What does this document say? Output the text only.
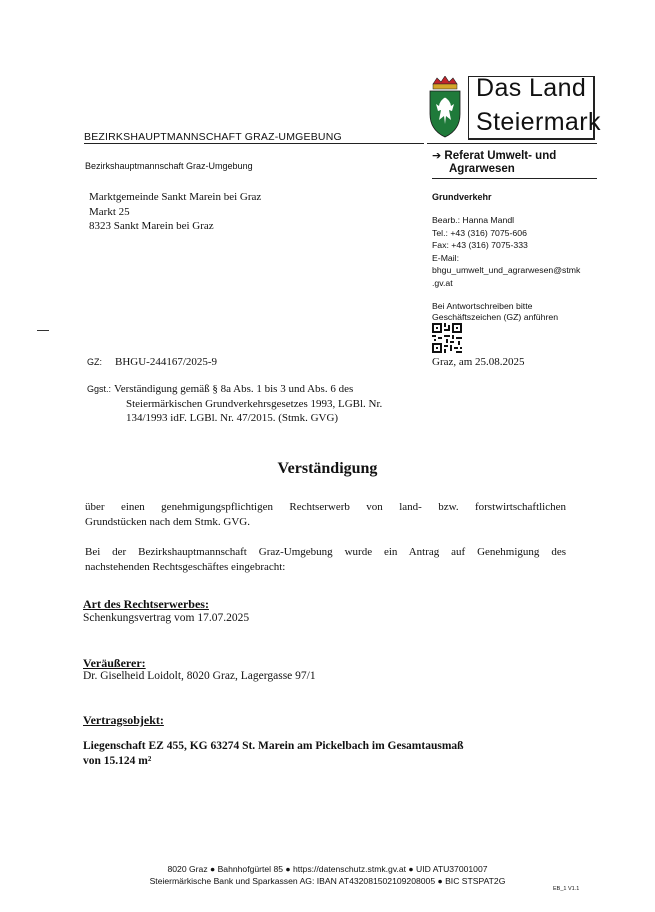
BEZIRKSHAUPTMANNSCHAFT GRAZ-UMGEBUNG
Das Land
Steiermark
➔ Referat Umwelt- und
Agrarwesen
Bezirkshauptmannschaft Graz-Umgebung
Marktgemeinde Sankt Marein bei Graz
Markt 25
8323 Sankt Marein bei Graz
Grundverkehr
Bearb.: Hanna Mandl
Tel.: +43 (316) 7075-606
Fax: +43 (316) 7075-333
E-Mail:
bhgu_umwelt_und_agrarwesen@stmk
.gv.at
Bei Antwortschreiben bitte
Geschäftszeichen (GZ) anführen
GZ: BHGU-244167/2025-9	Graz, am 25.08.2025
Ggst.: Verständigung gemäß § 8a Abs. 1 bis 3 und Abs. 6 des
Steiermärkischen Grundverkehrsgesetzes 1993, LGBl. Nr.
134/1993 idF. LGBl. Nr. 47/2015. (Stmk. GVG)
Verständigung
über einen genehmigungspflichtigen Rechtserwerb von land- bzw. forstwirtschaftlichen
Grundstücken nach dem Stmk. GVG.
Bei der Bezirkshauptmannschaft Graz-Umgebung wurde ein Antrag auf Genehmigung des
nachstehenden Rechtsgeschäftes eingebracht:
Art des Rechtserwerbes:
Schenkungsvertrag vom 17.07.2025
Veräußerer:
Dr. Giselheid Loidolt, 8020 Graz, Lagergasse 97/1
Vertragsobjekt:
Liegenschaft EZ 455, KG 63274 St. Marein am Pickelbach im Gesamtausmaß
von 15.124 m²
8020 Graz ● Bahnhofgürtel 85 ● https://datenschutz.stmk.gv.at ● UID ATU37001007
Steiermärkische Bank und Sparkassen AG: IBAN AT432081502109208005 ● BIC STSPAT2G
EB_1 V1.1
